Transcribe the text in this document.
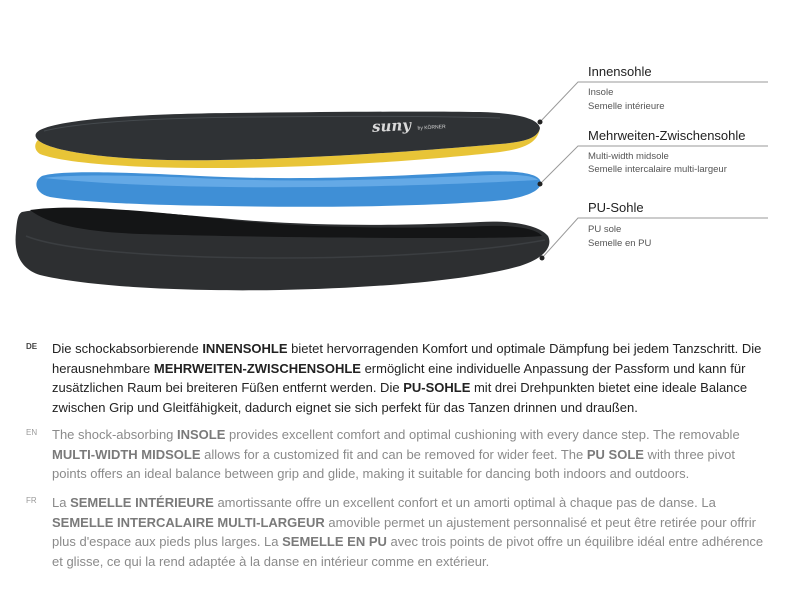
suny by KÖRNER
Innensohle
Insole
Semelle intérieure
Mehrweiten-Zwischensohle
Multi-width midsole
Semelle intercalaire multi-largeur
PU-Sohle
PU sole
Semelle en PU
DE Die schockabsorbierende INNENSOHLE bietet hervorragenden Komfort und optimale Dämpfung bei jedem Tanzschritt. Die herausnehmbare MEHRWEITEN-ZWISCHENSOHLE ermöglicht eine individuelle Anpassung der Passform und kann für zusätzlichen Raum bei breiteren Füßen entfernt werden. Die PU-SOHLE mit drei Drehpunkten bietet eine ideale Balance zwischen Grip und Gleitfähigkeit, dadurch eignet sie sich perfekt für das Tanzen drinnen und draußen.
EN The shock-absorbing INSOLE provides excellent comfort and optimal cushioning with every dance step. The removable MULTI-WIDTH MIDSOLE allows for a customized fit and can be removed for wider feet. The PU SOLE with three pivot points offers an ideal balance between grip and glide, making it suitable for dancing both indoors and outdoors.
FR La SEMELLE INTÉRIEURE amortissante offre un excellent confort et un amorti optimal à chaque pas de danse. La SEMELLE INTERCALAIRE MULTI-LARGEUR amovible permet un ajustement personnalisé et peut être retirée pour offrir plus d'espace aux pieds plus larges. La SEMELLE EN PU avec trois points de pivot offre un équilibre idéal entre adhérence et glisse, ce qui la rend adaptée à la danse en intérieur comme en extérieur.
